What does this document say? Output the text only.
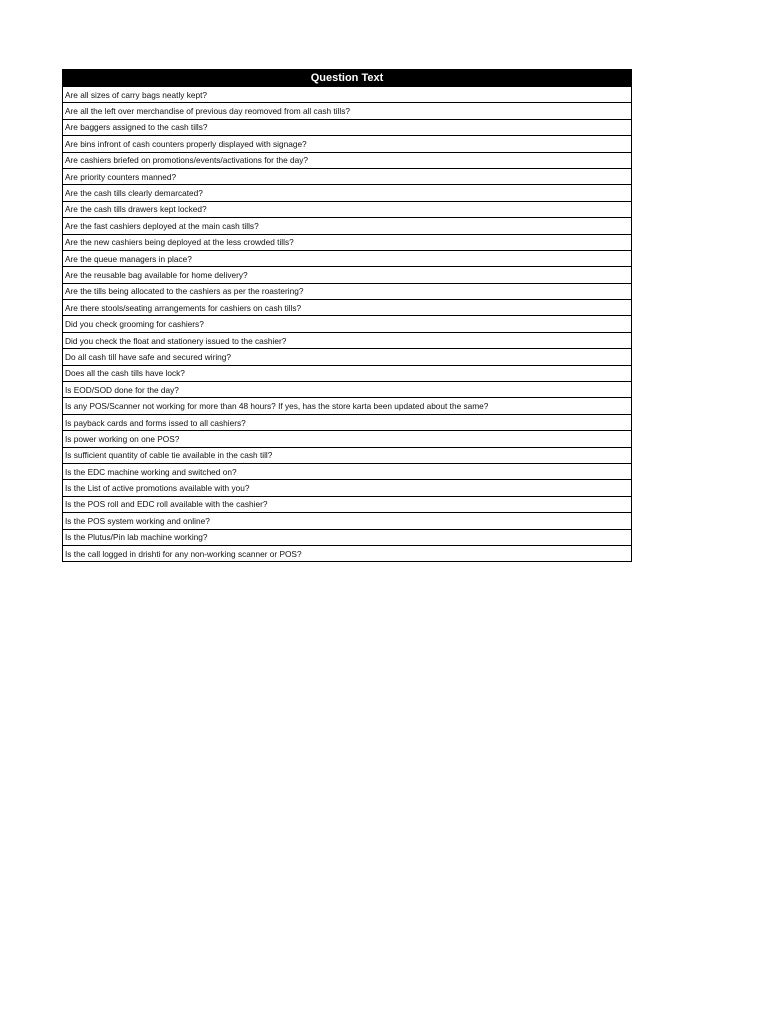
Question Text
Are all sizes of carry bags neatly kept?
Are all the left over merchandise of previous day reomoved from all cash tills?
Are baggers assigned to the cash tills?
Are bins infront of cash counters properly displayed with signage?
Are cashiers briefed on promotions/events/activations for the day?
Are priority counters manned?
Are the cash tills clearly demarcated?
Are the cash tills drawers kept locked?
Are the fast cashiers deployed at the main cash tills?
Are the new cashiers being deployed at the less crowded tills?
Are the queue managers in place?
Are the reusable bag available for home delivery?
Are the tills being allocated to the cashiers as per the roastering?
Are there stools/seating arrangements for cashiers on cash tills?
Did you check grooming for cashiers?
Did you check the float and stationery issued to the cashier?
Do all cash till have safe and secured wiring?
Does all the cash tills have lock?
Is EOD/SOD done for the day?
Is any POS/Scanner not working for more than 48 hours? If yes, has the store karta been updated about the same?
Is payback cards and forms issed to all cashiers?
Is power working on one POS?
Is sufficient quantity of cable tie available in the cash till?
Is the EDC machine working and switched on?
Is the List of active promotions available with you?
Is the POS roll and EDC roll available with the cashier?
Is the POS system working and online?
Is the Plutus/Pin lab machine working?
Is the call logged in drishti for any non-working scanner or POS?
